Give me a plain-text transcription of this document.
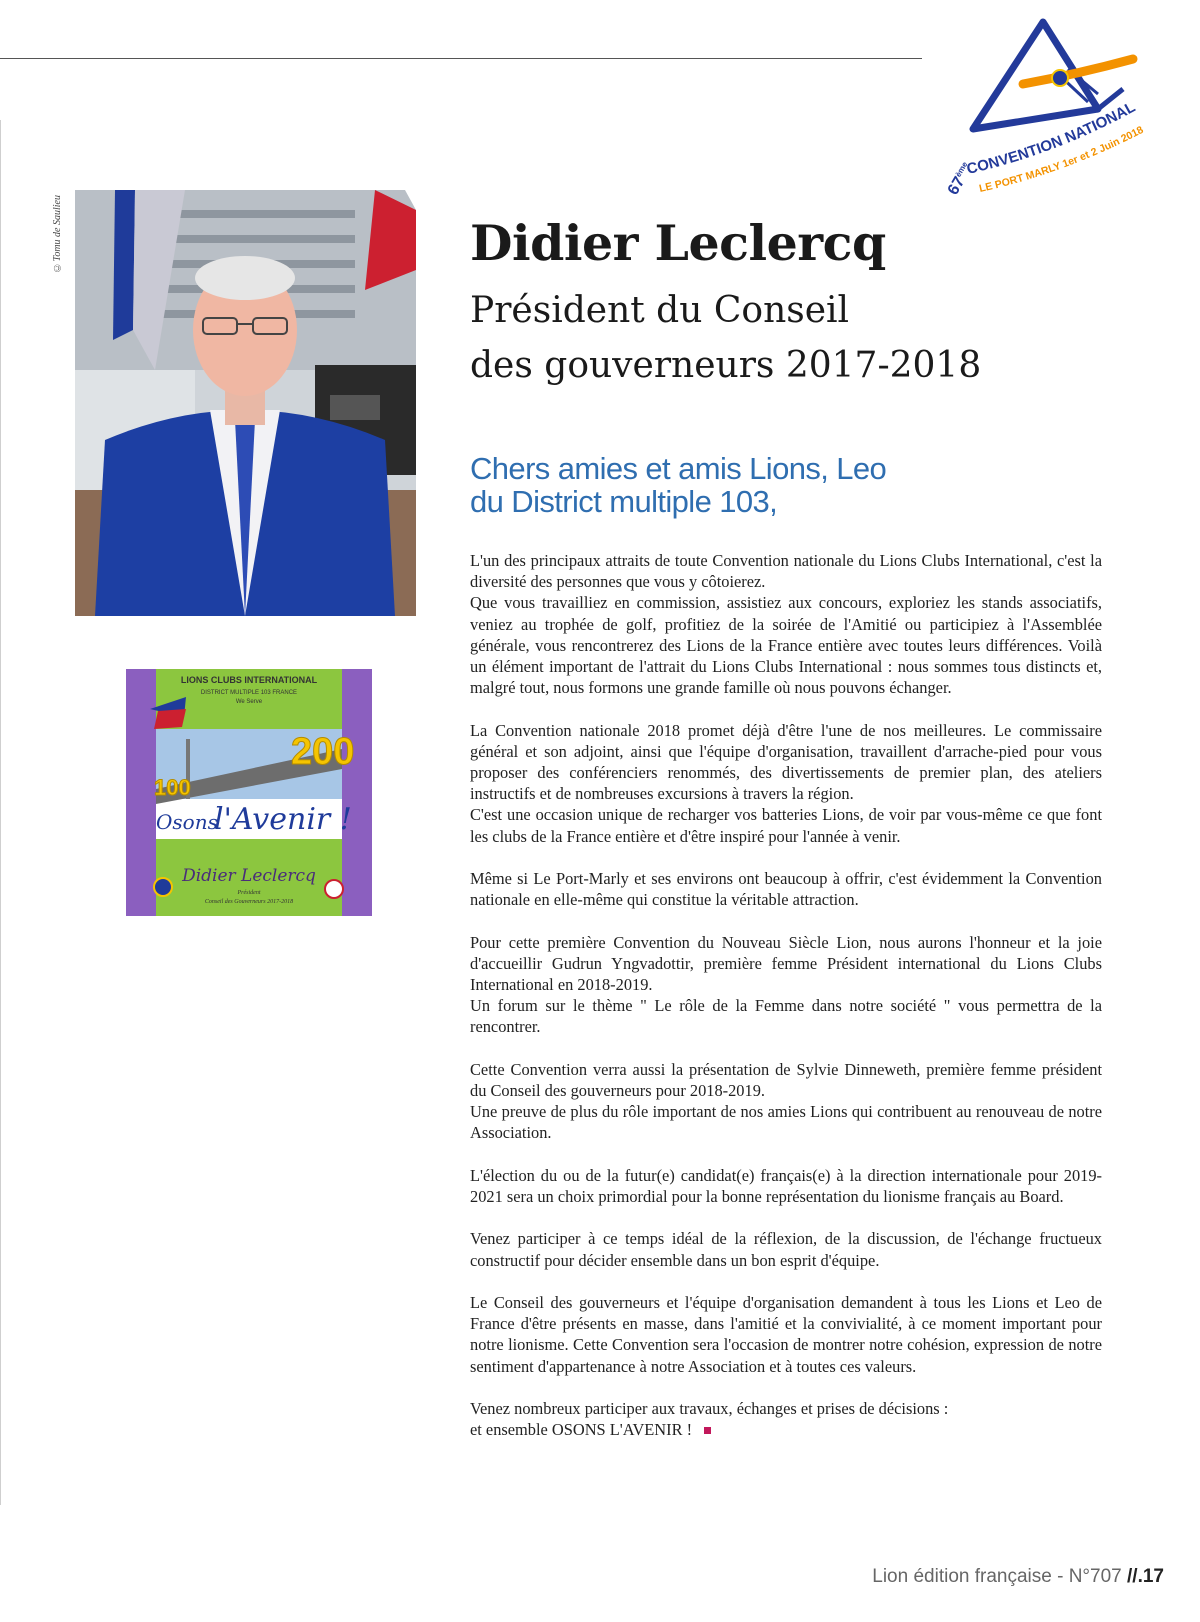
67ème
CONVENTION NATIONAL
LE PORT MARLY 1er et 2 Juin 2018
©Tomu de Saulieu
LIONS CLUBS INTERNATIONAL
DISTRICT MULTIPLE 103 FRANCE
We Serve
200
100
Osons
l'Avenir !
Didier Leclercq
Président
Conseil des Gouverneurs 2017-2018
Didier Leclercq
Président du Conseil
des gouverneurs 2017-2018
Chers amies et amis Lions, Leo
du District multiple 103,

L'un des principaux attraits de toute Convention nationale du Lions Clubs International, c'est la diversité des personnes que vous y côtoierez.
Que vous travailliez en commission, assistiez aux concours, exploriez les stands associatifs, veniez au trophée de golf, profitiez de la soirée de l'Amitié ou participiez à l'Assemblée générale, vous rencontrerez des Lions de la France entière avec toutes leurs différences. Voilà un élément important de l'attrait du Lions Clubs International : nous sommes tous distincts et, malgré tout, nous formons une grande famille où nous pouvons échanger.

La Convention nationale 2018 promet déjà d'être l'une de nos meilleures. Le commissaire général et son adjoint, ainsi que l'équipe d'organisation, travaillent d'arrache-pied pour vous proposer des conférenciers renommés, des divertissements de premier plan, des ateliers instructifs et de nombreuses excursions à travers la région.
C'est une occasion unique de recharger vos batteries Lions, de voir par vous-même ce que font les clubs de la France entière et d'être inspiré pour l'année à venir.

Même si Le Port-Marly et ses environs ont beaucoup à offrir, c'est évidemment la Convention nationale en elle-même qui constitue la véritable attraction.

Pour cette première Convention du Nouveau Siècle Lion, nous aurons l'honneur et la joie d'accueillir Gudrun Yngvadottir, première femme Président international du Lions Clubs International en 2018-2019.
Un forum sur le thème " Le rôle de la Femme dans notre société " vous permettra de la rencontrer.

Cette Convention verra aussi la présentation de Sylvie Dinneweth, première femme président du Conseil des gouverneurs pour 2018-2019.
Une preuve de plus du rôle important de nos amies Lions qui contribuent au renouveau de notre Association.

L'élection du ou de la futur(e) candidat(e) français(e) à la direction internationale pour 2019-2021 sera un choix primordial pour la bonne représentation du lionisme français au Board.

Venez participer à ce temps idéal de la réflexion, de la discussion, de l'échange fructueux constructif pour décider ensemble dans un bon esprit d'équipe.

Le Conseil des gouverneurs et l'équipe d'organisation demandent à tous les Lions et Leo de France d'être présents en masse, dans l'amitié et la convivialité, à ce moment important pour notre lionisme. Cette Convention sera l'occasion de montrer notre cohésion, expression de notre sentiment d'appartenance à notre Association et à toutes ces valeurs.

Venez nombreux participer aux travaux, échanges et prises de décisions :
et ensemble OSONS L'AVENIR !

Lion édition française - N°707 //.17
